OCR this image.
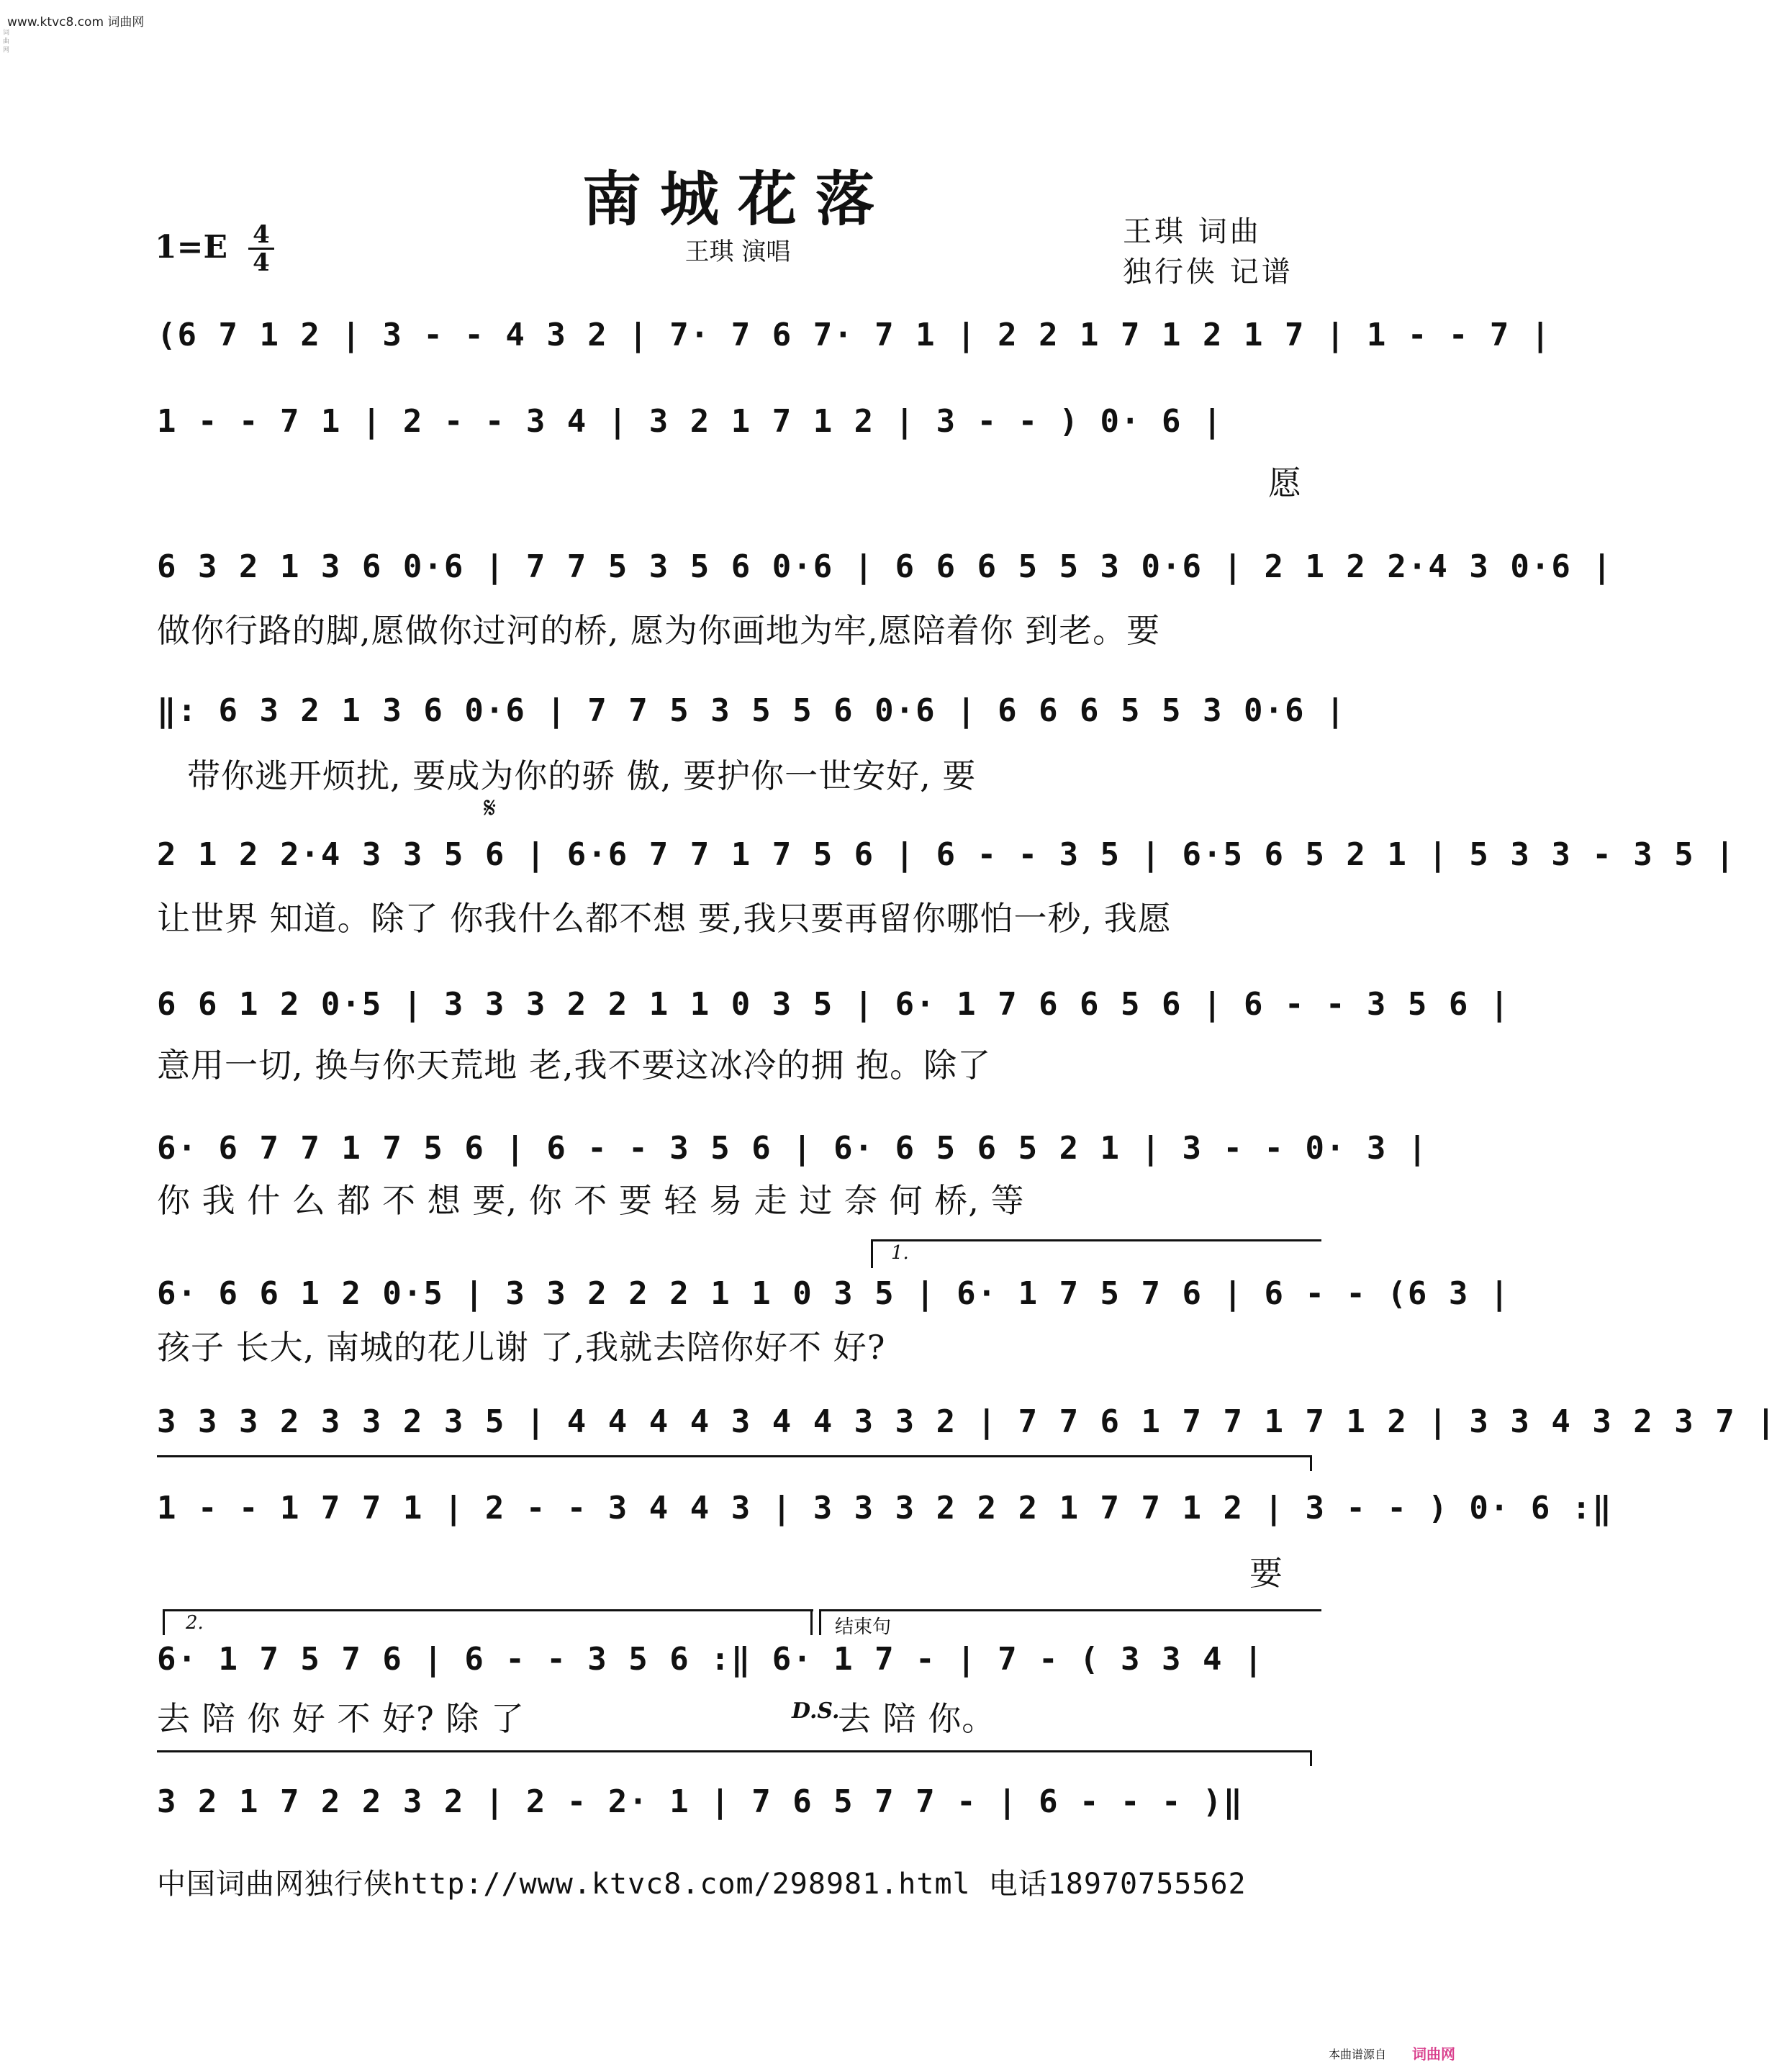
www.ktvc8.com 词曲网
词曲网
南城花落
王琪 演唱
1=E 4
4
王琪 词曲
独行侠 记谱
(6 7 1 2 | 3 - - 4 3 2 | 7· 7 6 7· 7 1 | 2 2 1 7 1 2 1 7 | 1 - - 7 |
1 - - 7 1 | 2 - - 3 4 | 3 2 1 7 1 2 | 3 - - ) 0· 6 |
愿
6 3 2 1 3 6 0·6 | 7 7 5 3 5 6 0·6 | 6 6 6 5 5 3 0·6 | 2 1 2 2·4 3 0·6 |
做你行路的脚,愿做你过河的桥, 愿为你画地为牢,愿陪着你 到老。要
‖: 6 3 2 1 3 6 0·6 | 7 7 5 3 5 5 6 0·6 | 6 6 6 5 5 3 0·6 |
带你逃开烦扰, 要成为你的骄 傲, 要护你一世安好, 要
𝄋
2 1 2 2·4 3 3 5 6 | 6·6 7 7 1 7 5 6 | 6 - - 3 5 | 6·5 6 5 2 1 | 5 3 3 - 3 5 |
让世界 知道。除了 你我什么都不想 要,我只要再留你哪怕一秒, 我愿
6 6 1 2 0·5 | 3 3 3 2 2 1 1 0 3 5 | 6· 1 7 6 6 5 6 | 6 - - 3 5 6 |
意用一切, 换与你天荒地 老,我不要这冰冷的拥 抱。除了
6· 6 7 7 1 7 5 6 | 6 - - 3 5 6 | 6· 6 5 6 5 2 1 | 3 - - 0· 3 |
你 我 什 么 都 不 想 要, 你 不 要 轻 易 走 过 奈 何 桥, 等
1.
6· 6 6 1 2 0·5 | 3 3 2 2 2 1 1 0 3 5 | 6· 1 7 5 7 6 | 6 - - (6 3 |
孩子 长大, 南城的花儿谢 了,我就去陪你好不 好?
3 3 3 2 3 3 2 3 5 | 4 4 4 4 3 4 4 3 3 2 | 7 7 6 1 7 7 1 7 1 2 | 3 3 4 3 2 3 7 |
1 - - 1 7 7 1 | 2 - - 3 4 4 3 | 3 3 3 2 2 2 1 7 7 1 2 | 3 - - ) 0· 6 :‖
要
2.	结束句
6· 1 7 5 7 6 | 6 - - 3 5 6 :‖ 6· 1 7 - | 7 - ( 3 3 4 |
去 陪 你 好 不 好? 除 了	D.S.
去 陪 你。
3 2 1 7 2 2 3 2 | 2 - 2· 1 | 7 6 5 7 7 - | 6 - - - )‖
中国词曲网独行侠http://www.ktvc8.com/298981.html 电话18970755562
本曲谱源自 词曲网
